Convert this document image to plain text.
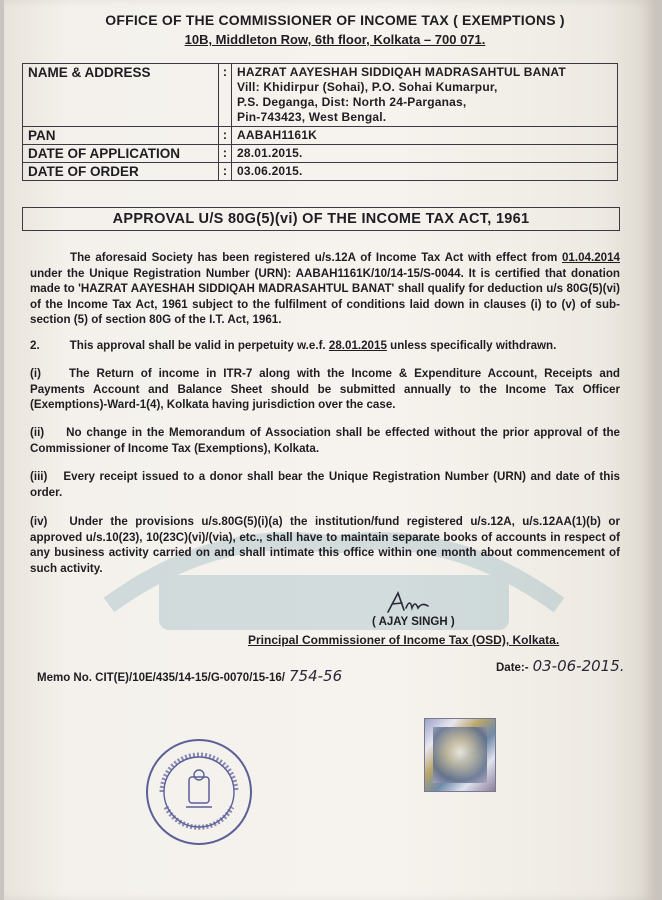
OFFICE OF THE COMMISSIONER OF INCOME TAX ( EXEMPTIONS )
10B, Middleton Row, 6th floor, Kolkata – 700 071.
NAME & ADDRESS	:	HAZRAT AAYESHAH SIDDIQAH MADRASAHTUL BANAT
Vill: Khidirpur (Sohai), P.O. Sohai Kumarpur,
P.S. Deganga, Dist: North 24-Parganas,
Pin-743423, West Bengal.

PAN	:	AABAH1161K
DATE OF APPLICATION	:	28.01.2015.
DATE OF ORDER	:	03.06.2015.
APPROVAL U/S 80G(5)(vi) OF THE INCOME TAX ACT, 1961
The aforesaid Society has been registered u/s.12A of Income Tax Act with effect from 01.04.2014 under the Unique Registration Number (URN): AABAH1161K/10/14-15/S-0044. It is certified that donation made to 'HAZRAT AAYESHAH SIDDIQAH MADRASAHTUL BANAT' shall qualify for deduction u/s 80G(5)(vi) of the Income Tax Act, 1961 subject to the fulfilment of conditions laid down in clauses (i) to (v) of sub-section (5) of section 80G of the I.T. Act, 1961.
2.	This approval shall be valid in perpetuity w.e.f. 28.01.2015 unless specifically withdrawn.
(i) The Return of income in ITR-7 along with the Income & Expenditure Account, Receipts and Payments Account and Balance Sheet should be submitted annually to the Income Tax Officer (Exemptions)-Ward-1(4), Kolkata having jurisdiction over the case.
(ii) No change in the Memorandum of Association shall be effected without the prior approval of the Commissioner of Income Tax (Exemptions), Kolkata.
(iii) Every receipt issued to a donor shall bear the Unique Registration Number (URN) and date of this order.
(iv) Under the provisions u/s.80G(5)(i)(a) the institution/fund registered u/s.12A, u/s.12AA(1)(b) or approved u/s.10(23), 10(23C)(vi)/(via), etc., shall have to maintain separate books of accounts in respect of any business activity carried on and shall intimate this office within one month about commencement of such activity.
( AJAY SINGH )
Principal Commissioner of Income Tax (OSD), Kolkata.
Memo No. CIT(E)/10E/435/14-15/G-0070/15-16/ 754-56	Date:- 03-06-2015.
